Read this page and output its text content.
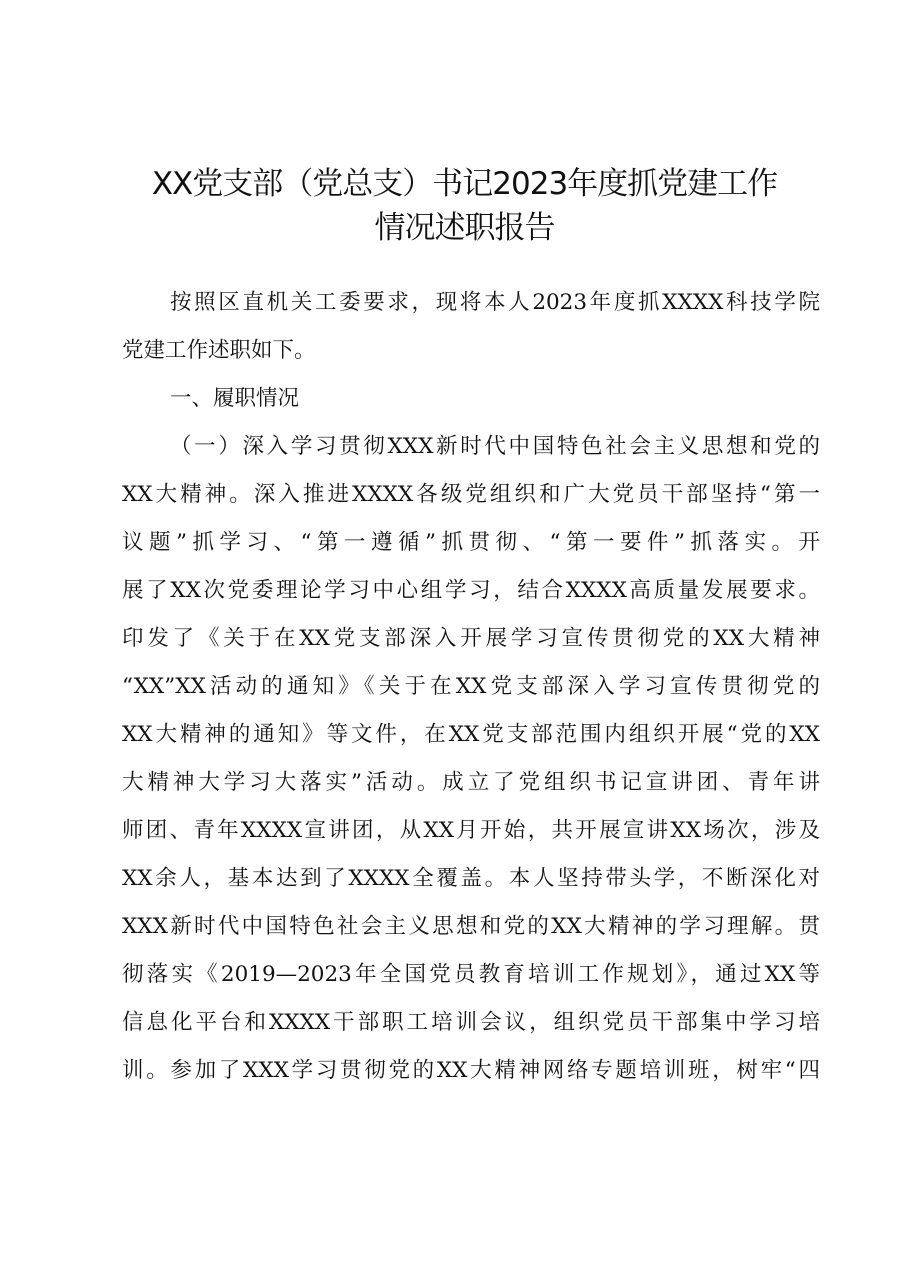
XX党支部（党总支）书记2023年度抓党建工作
情况述职报告

按照区直机关工委要求，现将本人2023年度抓XXXX科技学院

党建工作述职如下。

一、履职情况

（一）深入学习贯彻XXX新时代中国特色社会主义思想和党的

XX大精神。深入推进XXXX各级党组织和广大党员干部坚持“第一

议题”抓学习、“第一遵循”抓贯彻、“第一要件”抓落实。开

展了XX次党委理论学习中心组学习，结合XXXX高质量发展要求。

印发了《关于在XX党支部深入开展学习宣传贯彻党的XX大精神

“XX”XX活动的通知》《关于在XX党支部深入学习宣传贯彻党的

XX大精神的通知》等文件，在XX党支部范围内组织开展“党的XX

大精神大学习大落实”活动。成立了党组织书记宣讲团、青年讲

师团、青年XXXX宣讲团，从XX月开始，共开展宣讲XX场次，涉及

XX余人，基本达到了XXXX全覆盖。本人坚持带头学，不断深化对

XXX新时代中国特色社会主义思想和党的XX大精神的学习理解。贯

彻落实《2019—2023年全国党员教育培训工作规划》，通过XX等

信息化平台和XXXX干部职工培训会议，组织党员干部集中学习培

训。参加了XXX学习贯彻党的XX大精神网络专题培训班，树牢“四
